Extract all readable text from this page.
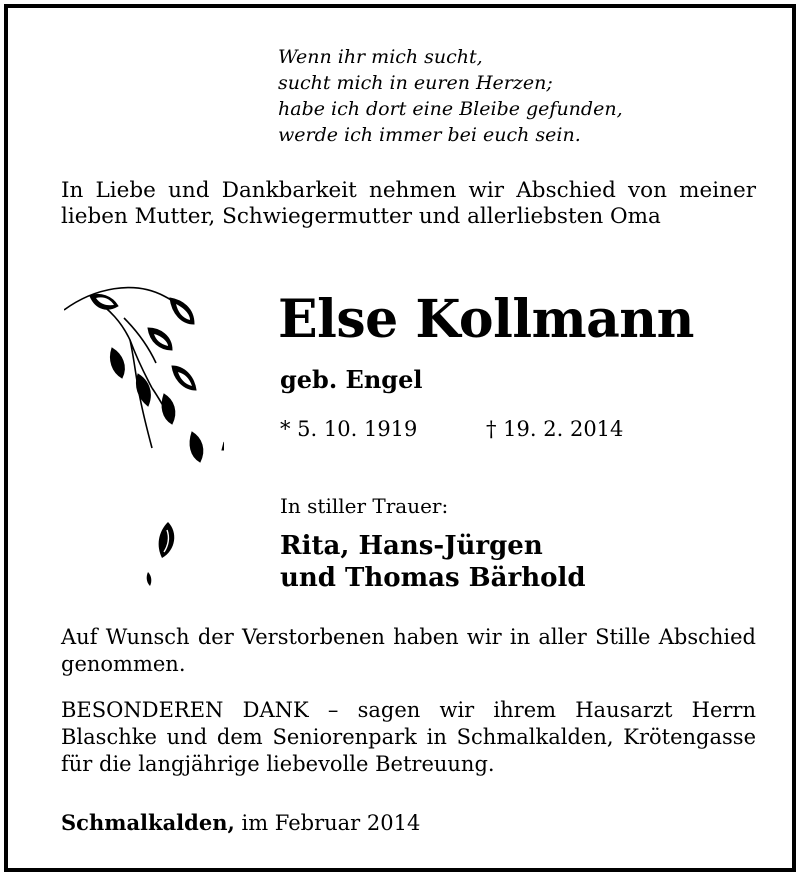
Wenn ihr mich sucht,
sucht mich in euren Herzen;
habe ich dort eine Bleibe gefunden,
werde ich immer bei euch sein.
In Liebe und Dankbarkeit nehmen wir Abschied von meiner lieben Mutter, Schwiegermutter und allerliebsten Oma
Else Kollmann
geb. Engel
* 5. 10. 1919	† 19. 2. 2014
In stiller Trauer:
Rita, Hans-Jürgen
und Thomas Bärhold
Auf Wunsch der Verstorbenen haben wir in aller Stille Abschied genommen.
BESONDEREN DANK – sagen wir ihrem Hausarzt Herrn Blaschke und dem Seniorenpark in Schmalkalden, Krötengasse für die langjährige liebevolle Betreuung.
Schmalkalden, im Februar 2014
